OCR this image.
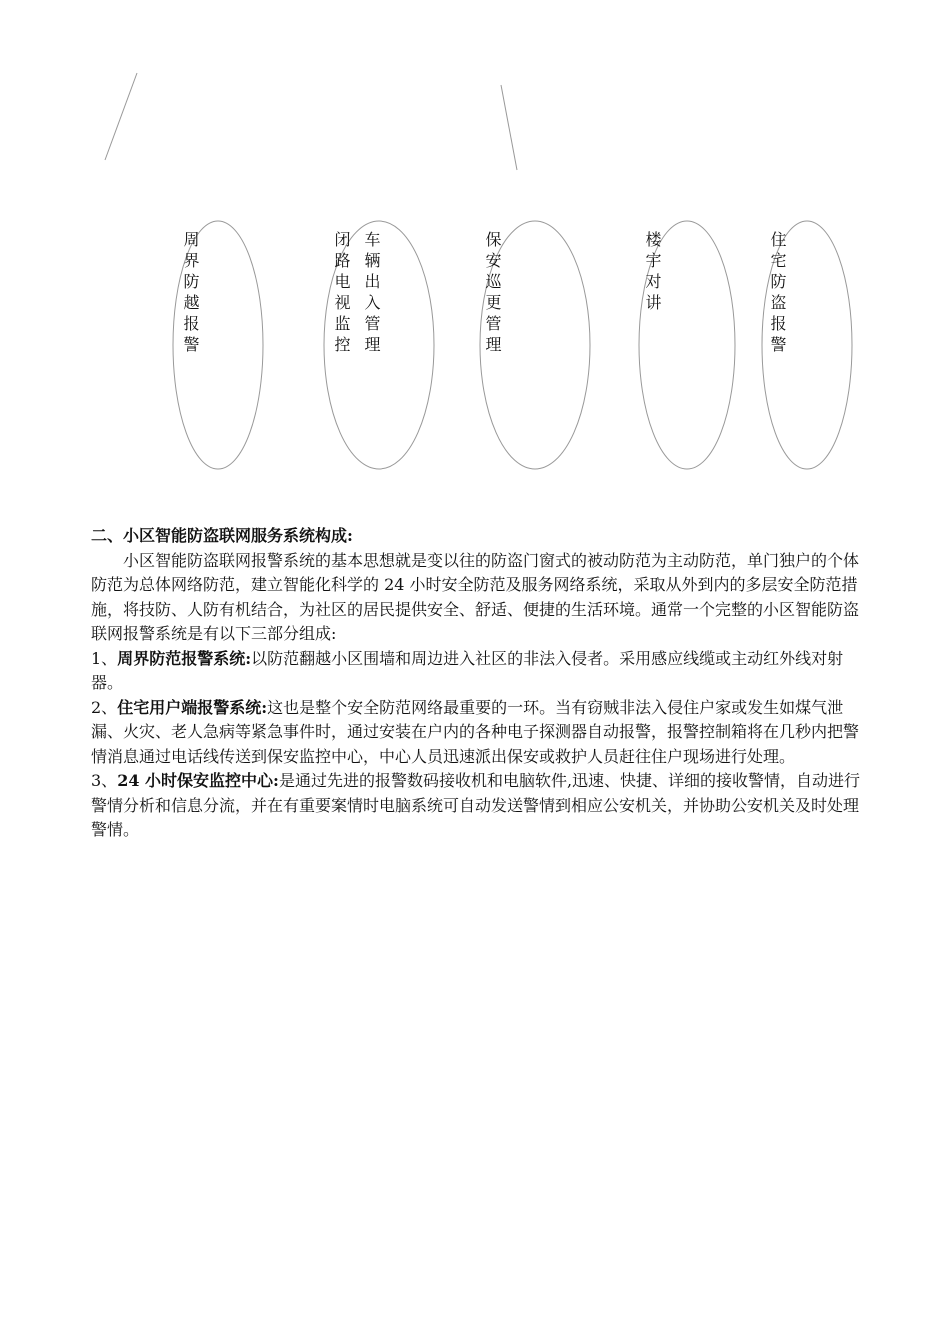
周界防越报警	闭路电视监控 车辆出入管理	保安巡更管理	楼宇对讲	住宅防盗报警

二、小区智能防盗联网服务系统构成:

小区智能防盗联网报警系统的基本思想就是变以往的防盗门窗式的被动防范为主动防范，单门独户的个体防范为总体网络防范，建立智能化科学的 24 小时安全防范及服务网络系统，采取从外到内的多层安全防范措施，将技防、人防有机结合，为社区的居民提供安全、舒适、便捷的生活环境。通常一个完整的小区智能防盗联网报警系统是有以下三部分组成:

1、周界防范报警系统:以防范翻越小区围墙和周边进入社区的非法入侵者。采用感应线缆或主动红外线对射器。

2、住宅用户端报警系统:这也是整个安全防范网络最重要的一环。当有窃贼非法入侵住户家或发生如煤气泄漏、火灾、老人急病等紧急事件时，通过安装在户内的各种电子探测器自动报警，报警控制箱将在几秒内把警情消息通过电话线传送到保安监控中心，中心人员迅速派出保安或救护人员赶往住户现场进行处理。

3、24 小时保安监控中心:是通过先进的报警数码接收机和电脑软件,迅速、快捷、详细的接收警情，自动进行警情分析和信息分流，并在有重要案情时电脑系统可自动发送警情到相应公安机关，并协助公安机关及时处理警情。
